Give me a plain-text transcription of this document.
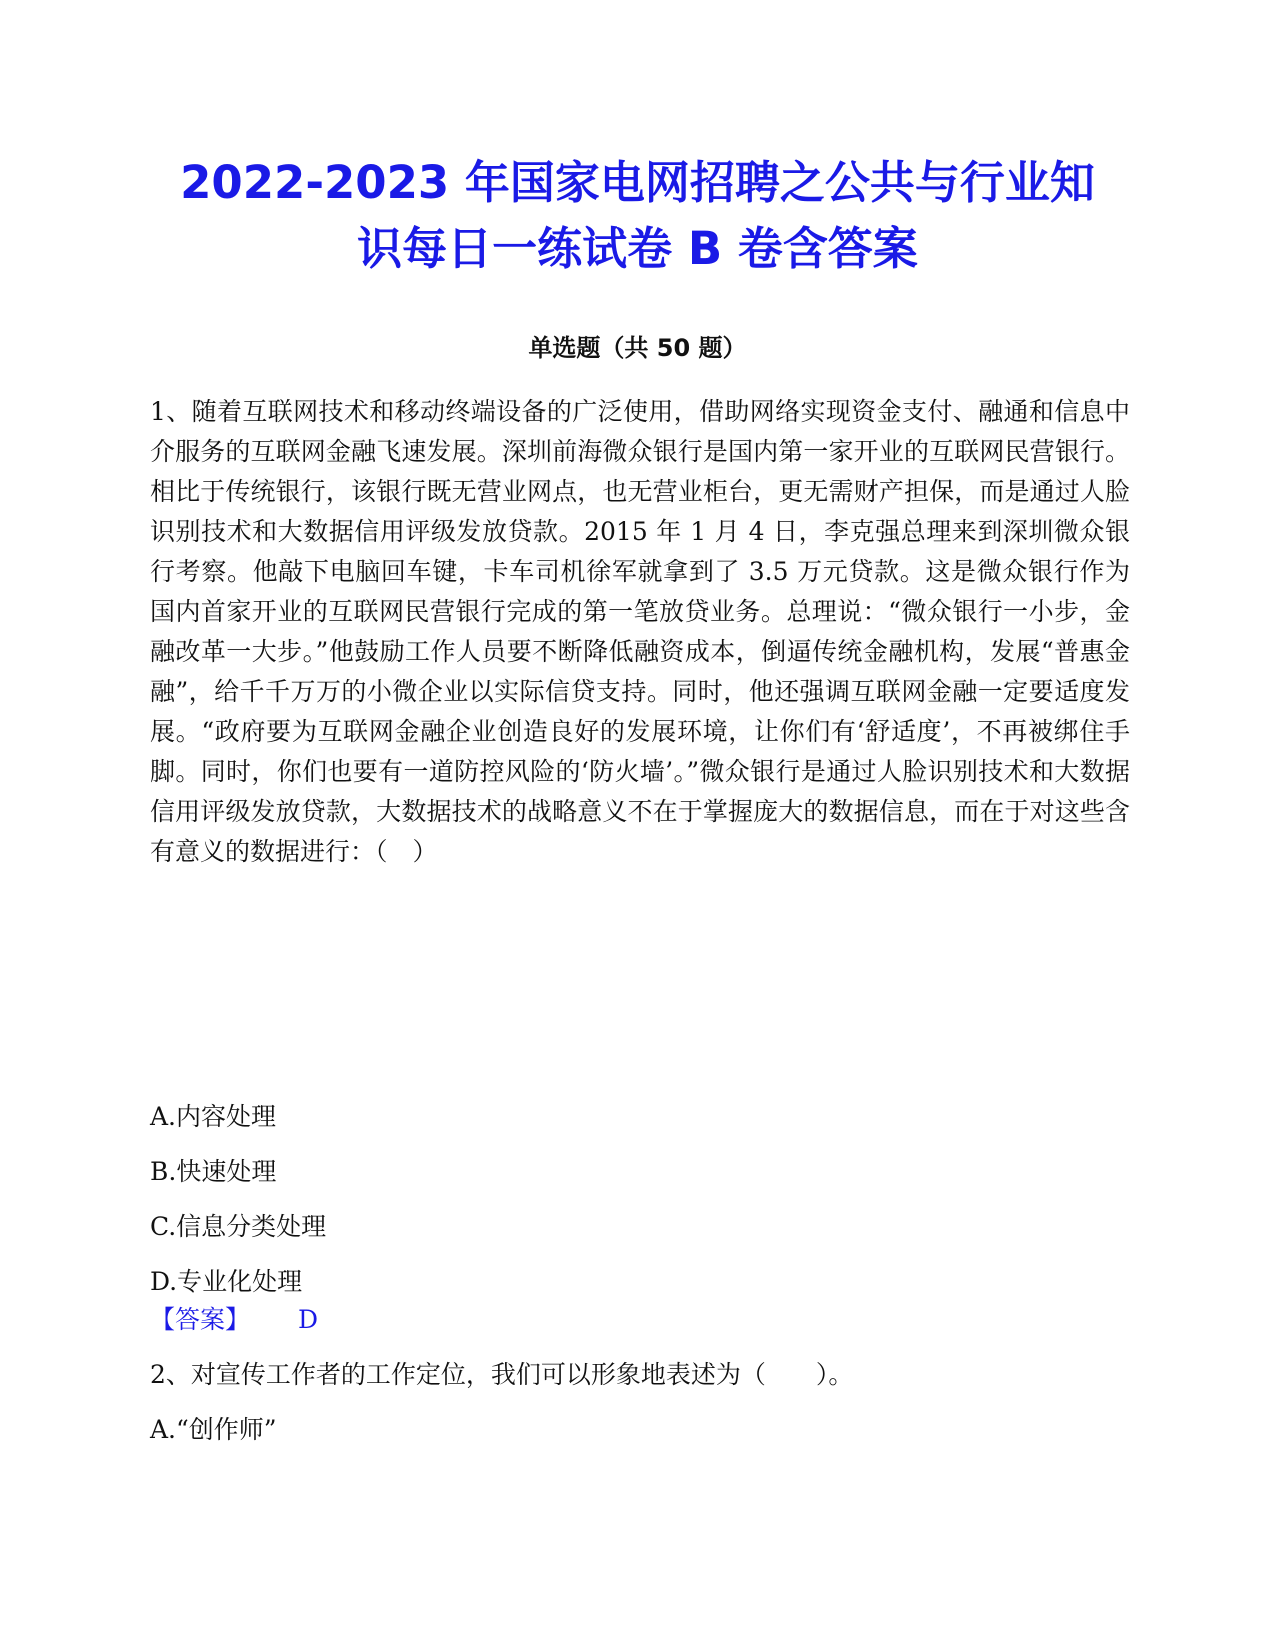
2022-2023 年国家电网招聘之公共与行业知
识每日一练试卷 B 卷含答案
单选题（共 50 题）

1、随着互联网技术和移动终端设备的广泛使用，借助网络实现资金支付、融通和信息中介服务的互联网金融飞速发展。深圳前海微众银行是国内第一家开业的互联网民营银行。相比于传统银行，该银行既无营业网点，也无营业柜台，更无需财产担保，而是通过人脸识别技术和大数据信用评级发放贷款。2015 年 1 月 4 日，李克强总理来到深圳微众银行考察。他敲下电脑回车键，卡车司机徐军就拿到了 3.5 万元贷款。这是微众银行作为国内首家开业的互联网民营银行完成的第一笔放贷业务。总理说：“微众银行一小步，金融改革一大步。”他鼓励工作人员要不断降低融资成本，倒逼传统金融机构，发展“普惠金融”，给千千万万的小微企业以实际信贷支持。同时，他还强调互联网金融一定要适度发展。“政府要为互联网金融企业创造良好的发展环境，让你们有‘舒适度’，不再被绑住手脚。同时，你们也要有一道防控风险的‘防火墙’。”微众银行是通过人脸识别技术和大数据信用评级发放贷款，大数据技术的战略意义不在于掌握庞大的数据信息，而在于对这些含有意义的数据进行：（　）

A.内容处理
B.快速处理
C.信息分类处理
D.专业化处理
【答案】 D
2、对宣传工作者的工作定位，我们可以形象地表述为（　　）。
A.“创作师”
